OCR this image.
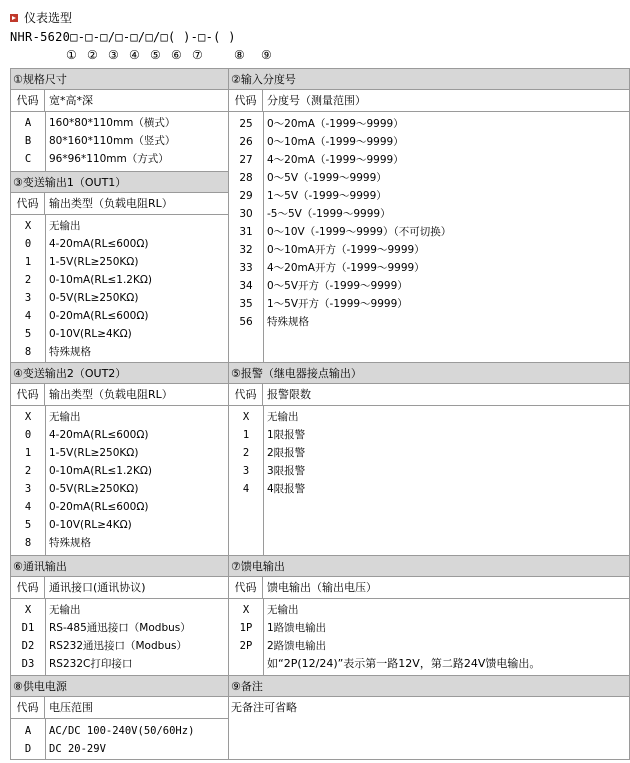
仪表选型
NHR-5620□-□-□/□-□/□/□( )-□-( )
① ② ③ ④ ⑤ ⑥ ⑦	⑧ ⑨
①规格尺寸
代码 宽*高*深
A	160*80*110mm（横式）
B	80*160*110mm（竖式）
C	96*96*110mm（方式）
③变送输出1（OUT1）
代码 输出类型（负载电阻RL）
X	无输出
0	4-20mA(RL≤600Ω)
1	1-5V(RL≥250KΩ)
2	0-10mA(RL≤1.2KΩ)
3	0-5V(RL≥250KΩ)
4	0-20mA(RL≤600Ω)
5	0-10V(RL≥4KΩ)
8	特殊规格
②输入分度号
代码 分度号（测量范围）
25	0～20mA（-1999～9999）
26	0～10mA（-1999～9999）
27	4～20mA（-1999～9999）
28	0～5V（-1999～9999）
29	1～5V（-1999～9999）
30	-5～5V（-1999～9999）
31	0～10V（-1999～9999）（不可切换）
32	0～10mA开方（-1999～9999）
33	4～20mA开方（-1999～9999）
34	0～5V开方（-1999～9999）
35	1～5V开方（-1999～9999）
56	特殊规格
④变送输出2（OUT2）
代码 输出类型（负载电阻RL）
X	无输出
0	4-20mA(RL≤600Ω)
1	1-5V(RL≥250KΩ)
2	0-10mA(RL≤1.2KΩ)
3	0-5V(RL≥250KΩ)
4	0-20mA(RL≤600Ω)
5	0-10V(RL≥4KΩ)
8	特殊规格
⑤报警（继电器接点输出）
代码 报警限数
X	无输出
1	1限报警
2	2限报警
3	3限报警
4	4限报警
⑥通讯输出
代码 通讯接口(通讯协议)
X	无输出
D1	RS-485通迅接口（Modbus）
D2	RS232通迅接口（Modbus）
D3	RS232C打印接口
⑦馈电输出
代码 馈电输出（输出电压）
X	无输出
1P	1路馈电输出
2P	2路馈电输出
如“2P(12/24)”表示第一路12V，第二路24V馈电输出。
⑧供电电源
代码 电压范围
A	AC/DC 100-240V(50/60Hz)
D	DC 20-29V
⑨备注
无备注可省略
